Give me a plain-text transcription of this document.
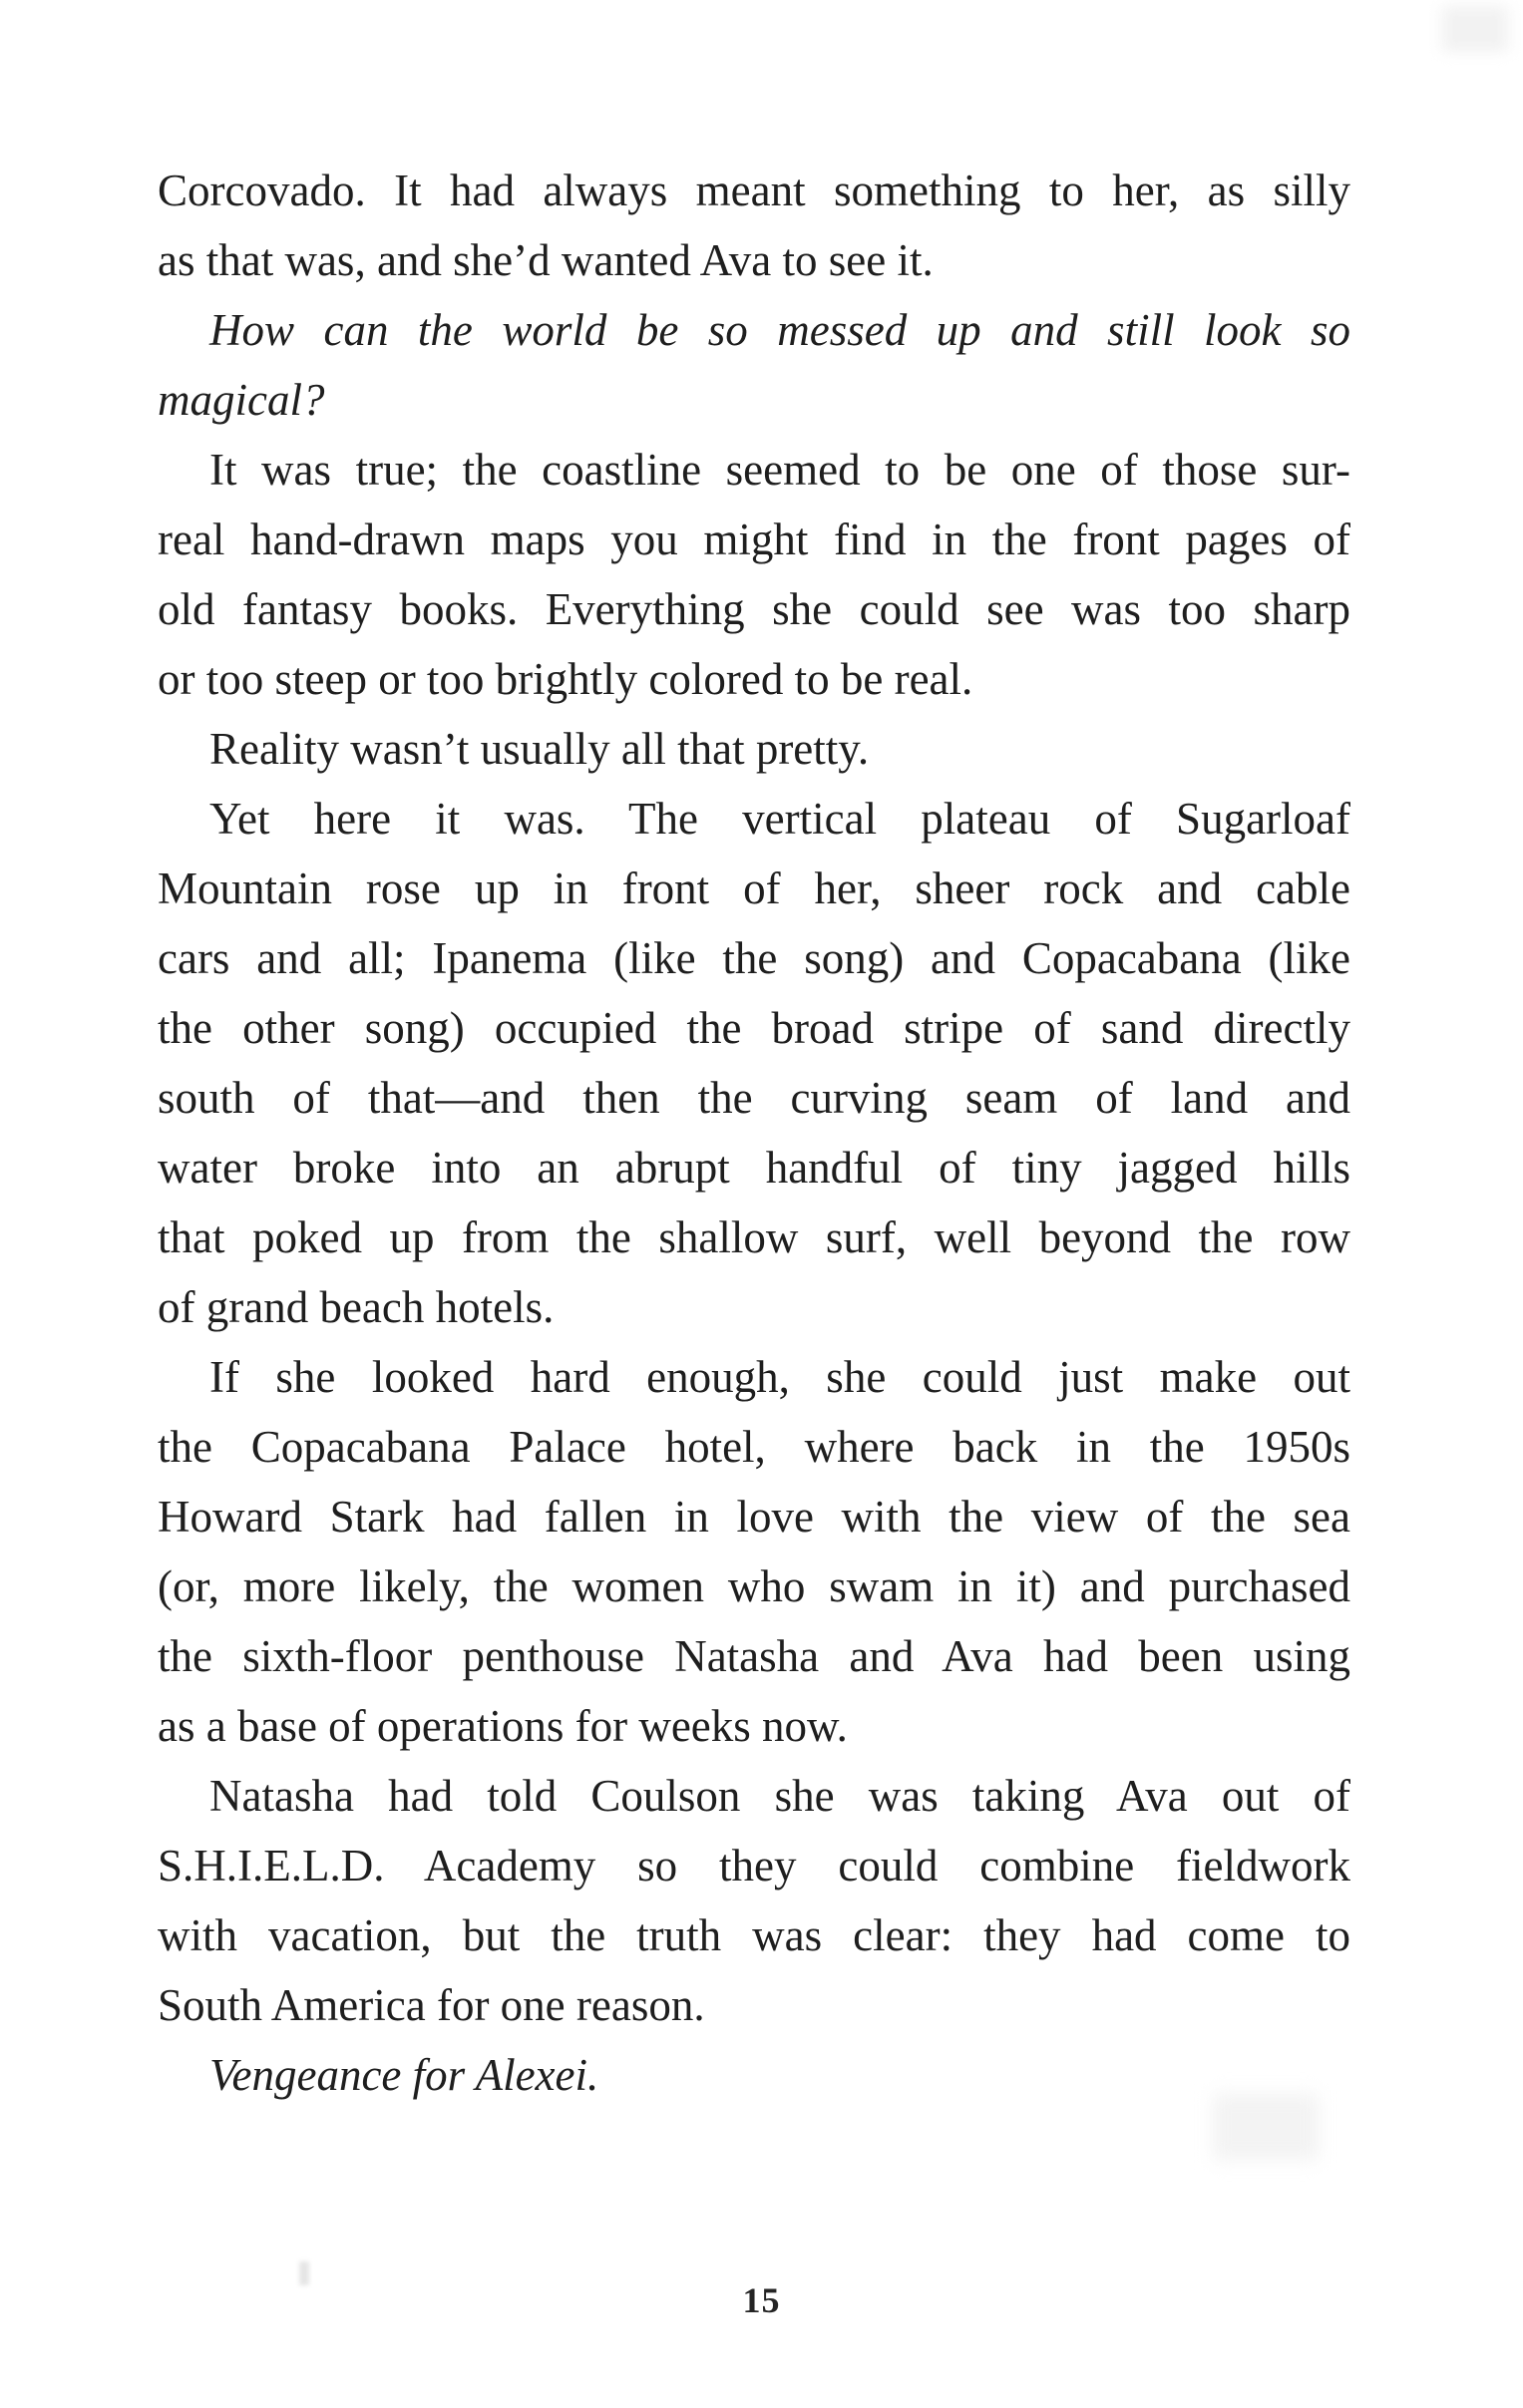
Corcovado. It had always meant something to her, as silly
as that was, and she’d wanted Ava to see it.
How can the world be so messed up and still look so
magical?
It was true; the coastline seemed to be one of those sur-
real hand-drawn maps you might find in the front pages of
old fantasy books. Everything she could see was too sharp
or too steep or too brightly colored to be real.
Reality wasn’t usually all that pretty.
Yet here it was. The vertical plateau of Sugarloaf
Mountain rose up in front of her, sheer rock and cable
cars and all; Ipanema (like the song) and Copacabana (like
the other song) occupied the broad stripe of sand directly
south of that—and then the curving seam of land and
water broke into an abrupt handful of tiny jagged hills
that poked up from the shallow surf, well beyond the row
of grand beach hotels.
If she looked hard enough, she could just make out
the Copacabana Palace hotel, where back in the 1950s
Howard Stark had fallen in love with the view of the sea
(or, more likely, the women who swam in it) and purchased
the sixth-floor penthouse Natasha and Ava had been using
as a base of operations for weeks now.
Natasha had told Coulson she was taking Ava out of
S.H.I.E.L.D. Academy so they could combine fieldwork
with vacation, but the truth was clear: they had come to
South America for one reason.
Vengeance for Alexei.
15
